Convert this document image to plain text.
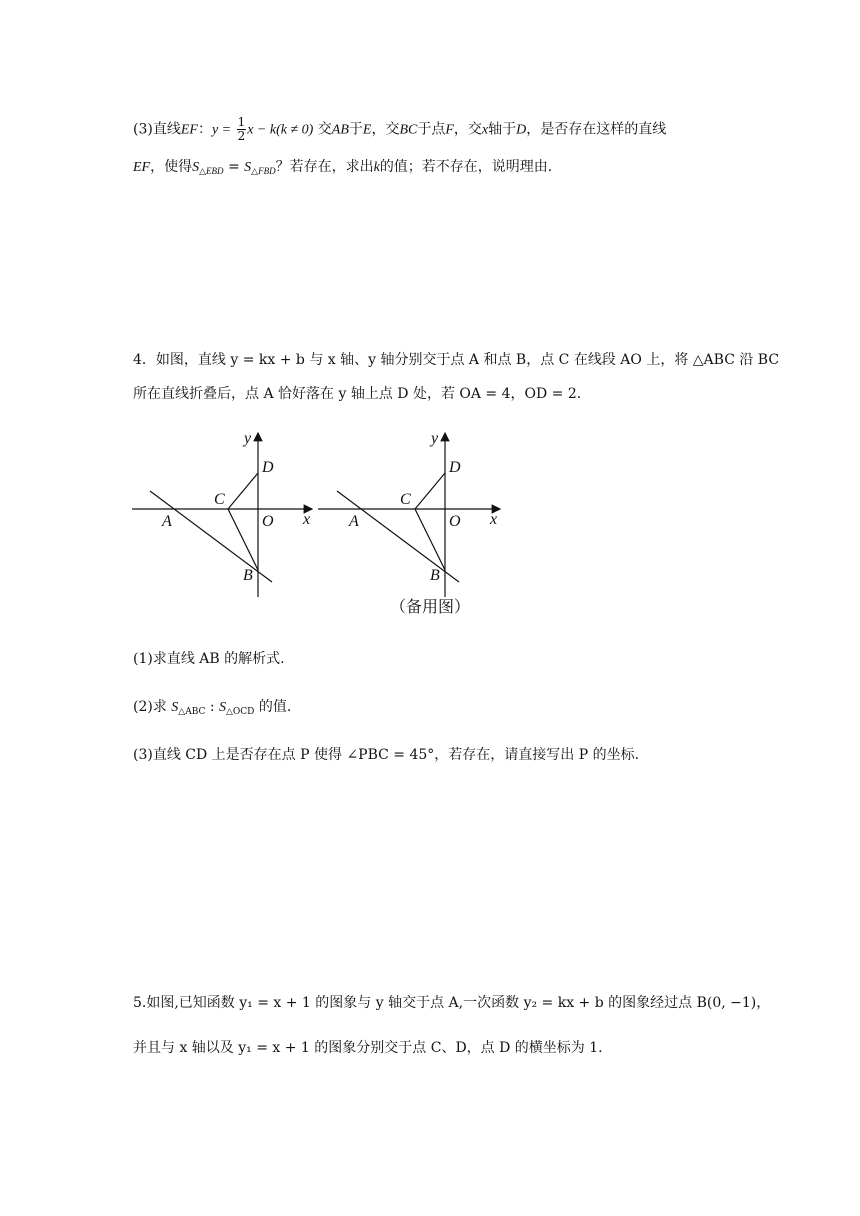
(3)直线EF：$y = \frac{1}{2}$ x − k(k ≠ 0) 交AB于E，交BC于点F，交x轴于D，是否存在这样的直线
EF，使得$S_{\triangle EBD} = S_{\triangle FBD}$？若存在，求出k的值；若不存在，说明理由.
4．如图，直线 y = kx + b 与 x 轴、y 轴分别交于点 A 和点 B，点 C 在线段 AO 上，将 △ABC 沿 BC
所在直线折叠后，点 A 恰好落在 y 轴上点 D 处，若 OA = 4，OD = 2．
y
D
C
A	O x
B
y
D
C
A	O x
B
（备用图）
(1)求直线 AB 的解析式.
(2)求 $S_{\triangle ABC}$ : $S_{\triangle OCD}$ 的值.
(3)直线 CD 上是否存在点 P 使得 ∠PBC = 45°，若存在，请直接写出 P 的坐标.
5.如图,已知函数 y₁ = x + 1 的图象与 y 轴交于点 A,一次函数 y₂ = kx + b 的图象经过点 B(0, −1)，
并且与 x 轴以及 y₁ = x + 1 的图象分别交于点 C、D，点 D 的横坐标为 1.
